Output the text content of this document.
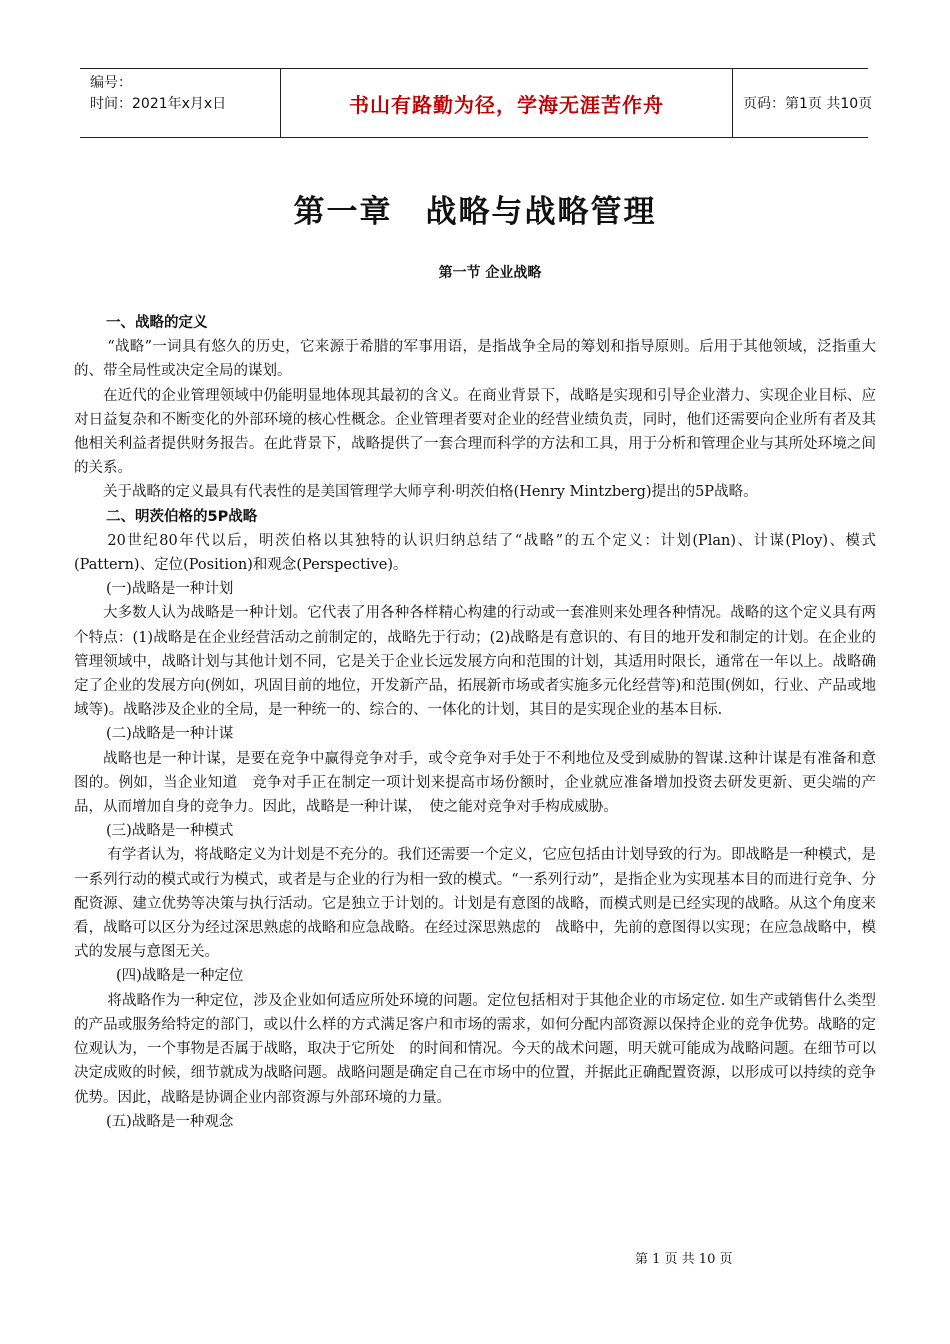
编号：
时间：2021年x月x日	书山有路勤为径，学海无涯苦作舟	页码：第1页 共10页
第一章　战略与战略管理
第一节 企业战略

一、战略的定义

“战略”一词具有悠久的历史，它来源于希腊的军事用语，是指战争全局的筹划和指导原则。后用于其他领域，泛指重大的、带全局性或决定全局的谋划。

在近代的企业管理领域中仍能明显地体现其最初的含义。在商业背景下，战略是实现和引导企业潜力、实现企业目标、应对日益复杂和不断变化的外部环境的核心性概念。企业管理者要对企业的经营业绩负责，同时，他们还需要向企业所有者及其他相关利益者提供财务报告。在此背景下，战略提供了一套合理而科学的方法和工具，用于分析和管理企业与其所处环境之间的关系。

关于战略的定义最具有代表性的是美国管理学大师亨利·明茨伯格(Henry Mintzberg)提出的5P战略。

二、明茨伯格的5P战略

20世纪80年代以后，明茨伯格以其独特的认识归纳总结了“战略”的五个定义：计划(Plan)、计谋(Ploy)、模式(Pattern)、定位(Position)和观念(Perspective)。

(一)战略是一种计划

大多数人认为战略是一种计划。它代表了用各种各样精心构建的行动或一套准则来处理各种情况。战略的这个定义具有两个特点：(1)战略是在企业经营活动之前制定的，战略先于行动；(2)战略是有意识的、有目的地开发和制定的计划。在企业的管理领域中，战略计划与其他计划不同，它是关于企业长远发展方向和范围的计划，其适用时限长，通常在一年以上。战略确定了企业的发展方向(例如，巩固目前的地位，开发新产品，拓展新市场或者实施多元化经营等)和范围(例如，行业、产品或地域等)。战略涉及企业的全局，是一种统一的、综合的、一体化的计划，其目的是实现企业的基本目标.

(二)战略是一种计谋

战略也是一种计谋，是要在竞争中赢得竞争对手，或令竞争对手处于不利地位及受到威胁的智谋.这种计谋是有准备和意图的。例如，当企业知道　竞争对手正在制定一项计划来提高市场份额时，企业就应准备增加投资去研发更新、更尖端的产品，从而增加自身的竞争力。因此，战略是一种计谋，　使之能对竞争对手构成威胁。

(三)战略是一种模式

有学者认为，将战略定义为计划是不充分的。我们还需要一个定义，它应包括由计划导致的行为。即战略是一种模式，是一系列行动的模式或行为模式，或者是与企业的行为相一致的模式。“一系列行动”，是指企业为实现基本目的而进行竞争、分配资源、建立优势等决策与执行活动。它是独立于计划的。计划是有意图的战略，而模式则是已经实现的战略。从这个角度来看，战略可以区分为经过深思熟虑的战略和应急战略。在经过深思熟虑的　战略中，先前的意图得以实现；在应急战略中，模式的发展与意图无关。

(四)战略是一种定位

将战略作为一种定位，涉及企业如何适应所处环境的问题。定位包括相对于其他企业的市场定位. 如生产或销售什么类型的产品或服务给特定的部门，或以什么样的方式满足客户和市场的需求，如何分配内部资源以保持企业的竞争优势。战略的定位观认为，一个事物是否属于战略，取决于它所处　的时间和情况。今天的战术问题，明天就可能成为战略问题。在细节可以决定成败的时候，细节就成为战略问题。战略问题是确定自己在市场中的位置，并据此正确配置资源，以形成可以持续的竞争优势。因此，战略是协调企业内部资源与外部环境的力量。

(五)战略是一种观念

第 1 页 共 10 页
